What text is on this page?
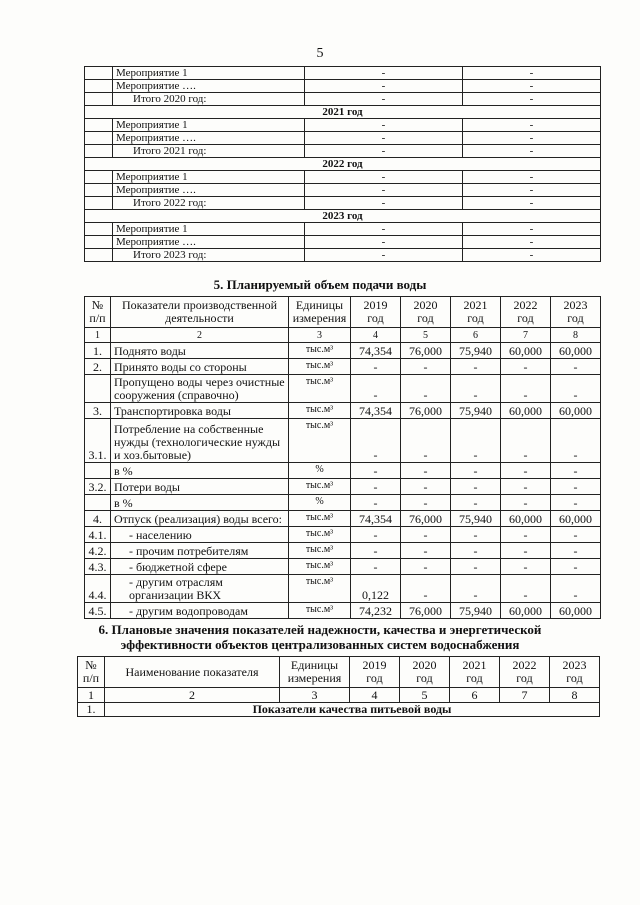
5
	Мероприятие 1	-	-
	Мероприятие ….	-	-
	Итого 2020 год:	-	-
2021 год			
	Мероприятие 1	-	-
	Мероприятие ….	-	-
	Итого 2021 год:	-	-
2022 год			
	Мероприятие 1	-	-
	Мероприятие ….	-	-
	Итого 2022 год:	-	-
2023 год			
	Мероприятие 1	-	-
	Мероприятие ….	-	-
	Итого 2023 год:	-	-
5. Планируемый объем подачи воды
№ п/п	Показатели производственной деятельности	Единицы измерения	2019 год	2020 год	2021 год	2022 год	2023 год
1	2	3	4	5	6	7	8
1.	Поднято воды	тыс.м³	74,354	76,000	75,940	60,000	60,000
2.	Принято воды со стороны	тыс.м³	-	-	-	-	-
	Пропущено воды через очистные сооружения (справочно)	тыс.м³	-	-	-	-	-
3.	Транспортировка воды	тыс.м³	74,354	76,000	75,940	60,000	60,000
3.1.	Потребление на собственные нужды (технологические нужды и хоз.бытовые)	тыс.м³	-	-	-	-	-
	в %	%	-	-	-	-	-
3.2.	Потери воды	тыс.м³	-	-	-	-	-
	в %	%	-	-	-	-	-
4.	Отпуск (реализация) воды всего:	тыс.м³	74,354	76,000	75,940	60,000	60,000
4.1.	- населению	тыс.м³	-	-	-	-	-
4.2.	- прочим потребителям	тыс.м³	-	-	-	-	-
4.3.	- бюджетной сфере	тыс.м³	-	-	-	-	-
4.4.	- другим отраслям организации ВКХ	тыс.м³	0,122	-	-	-	-
4.5.	- другим водопроводам	тыс.м³	74,232	76,000	75,940	60,000	60,000
6. Плановые значения показателей надежности, качества и энергетической
эффективности объектов централизованных систем водоснабжения
№ п/п	Наименование показателя	Единицы измерения	2019 год	2020 год	2021 год	2022 год	2023 год
1	2	3	4	5	6	7	8
1.	Показатели качества питьевой воды						
